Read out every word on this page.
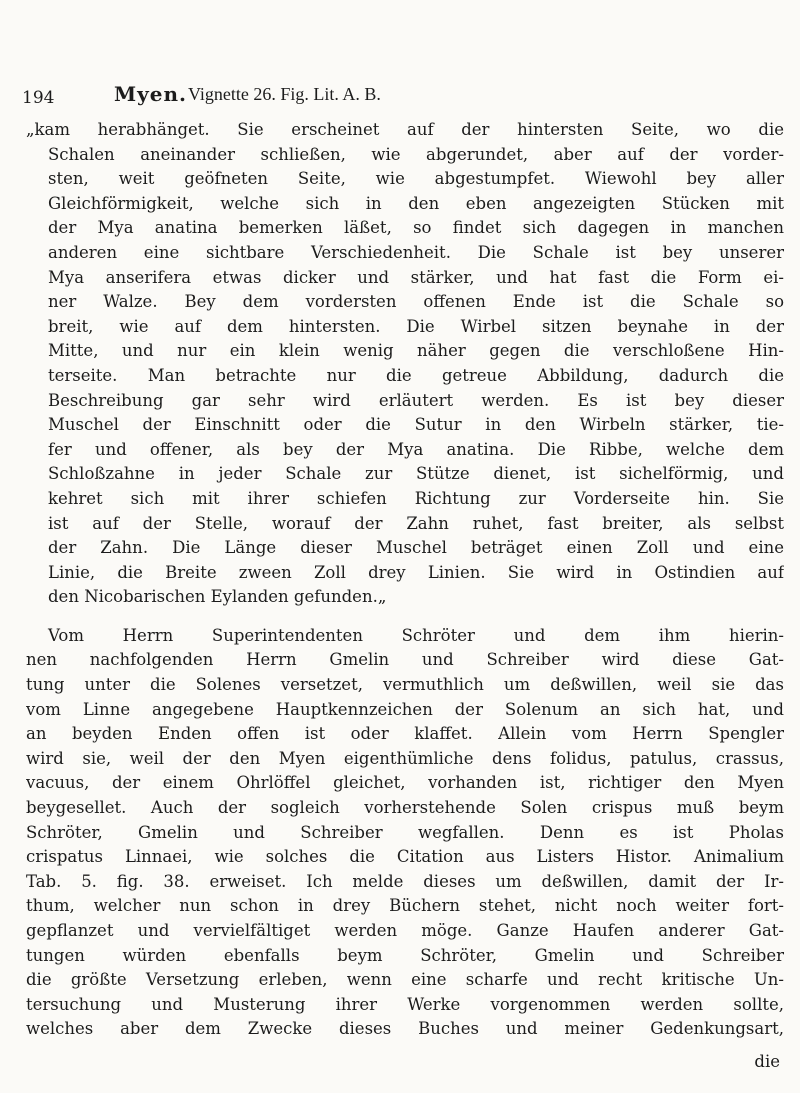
194	Myen. Vignette 26. Fig. Lit. A. B.
„kam herabhänget. Sie erscheinet auf der hintersten Seite, wo die
Schalen aneinander schließen, wie abgerundet, aber auf der vorder-
sten, weit geöfneten Seite, wie abgestumpfet. Wiewohl bey aller
Gleichförmigkeit, welche sich in den eben angezeigten Stücken mit
der Mya anatina bemerken läßet, so findet sich dagegen in manchen
anderen eine sichtbare Verschiedenheit. Die Schale ist bey unserer
Mya anserifera etwas dicker und stärker, und hat fast die Form ei-
ner Walze. Bey dem vordersten offenen Ende ist die Schale so
breit, wie auf dem hintersten. Die Wirbel sitzen beynahe in der
Mitte, und nur ein klein wenig näher gegen die verschloßene Hin-
terseite. Man betrachte nur die getreue Abbildung, dadurch die
Beschreibung gar sehr wird erläutert werden. Es ist bey dieser
Muschel der Einschnitt oder die Sutur in den Wirbeln stärker, tie-
fer und offener, als bey der Mya anatina. Die Ribbe, welche dem
Schloßzahne in jeder Schale zur Stütze dienet, ist sichelförmig, und
kehret sich mit ihrer schiefen Richtung zur Vorderseite hin. Sie
ist auf der Stelle, worauf der Zahn ruhet, fast breiter, als selbst
der Zahn. Die Länge dieser Muschel beträget einen Zoll und eine
Linie, die Breite zween Zoll drey Linien. Sie wird in Ostindien auf
den Nicobarischen Eylanden gefunden.„
Vom Herrn Superintendenten Schröter und dem ihm hierin-
nen nachfolgenden Herrn Gmelin und Schreiber wird diese Gat-
tung unter die Solenes versetzet, vermuthlich um deßwillen, weil sie das
vom Linne angegebene Hauptkennzeichen der Solenum an sich hat, und
an beyden Enden offen ist oder klaffet. Allein vom Herrn Spengler
wird sie, weil der den Myen eigenthümliche dens folidus, patulus, crassus,
vacuus, der einem Ohrlöffel gleichet, vorhanden ist, richtiger den Myen
beygesellet. Auch der sogleich vorherstehende Solen crispus muß beym
Schröter, Gmelin und Schreiber wegfallen. Denn es ist Pholas
crispatus Linnaei, wie solches die Citation aus Listers Histor. Animalium
Tab. 5. fig. 38. erweiset. Ich melde dieses um deßwillen, damit der Ir-
thum, welcher nun schon in drey Büchern stehet, nicht noch weiter fort-
gepflanzet und vervielfältiget werden möge. Ganze Haufen anderer Gat-
tungen würden ebenfalls beym Schröter, Gmelin und Schreiber
die größte Versetzung erleben, wenn eine scharfe und recht kritische Un-
tersuchung und Musterung ihrer Werke vorgenommen werden sollte,
welches aber dem Zwecke dieses Buches und meiner Gedenkungsart,
die
